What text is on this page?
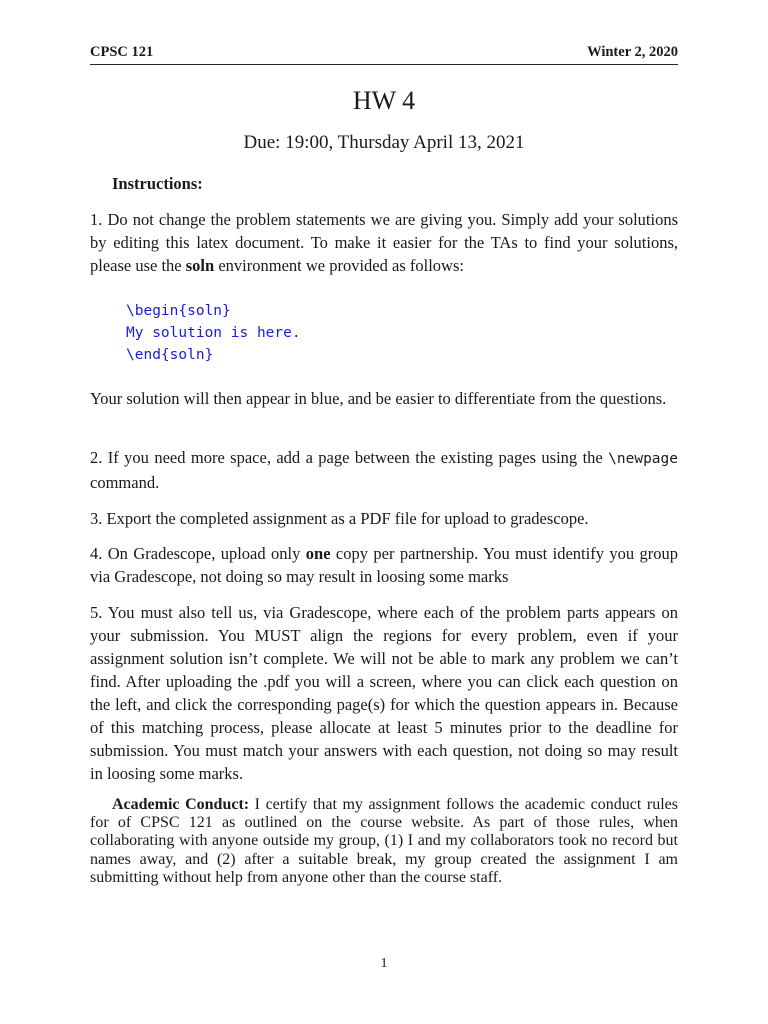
CPSC 121	Winter 2, 2020
HW 4
Due: 19:00, Thursday April 13, 2021
Instructions:
1. Do not change the problem statements we are giving you. Simply add your solutions by editing this latex document. To make it easier for the TAs to find your solutions, please use the soln environment we provided as follows:
\begin{soln}
My solution is here.
\end{soln}
Your solution will then appear in blue, and be easier to differentiate from the questions.
2. If you need more space, add a page between the existing pages using the \newpage command.
3. Export the completed assignment as a PDF file for upload to gradescope.
4. On Gradescope, upload only one copy per partnership. You must identify you group via Gradescope, not doing so may result in loosing some marks
5. You must also tell us, via Gradescope, where each of the problem parts appears on your submission. You MUST align the regions for every problem, even if your assignment solution isn’t complete. We will not be able to mark any problem we can’t find. After uploading the .pdf you will a screen, where you can click each question on the left, and click the corresponding page(s) for which the question appears in. Because of this matching process, please allocate at least 5 minutes prior to the deadline for submission. You must match your answers with each question, not doing so may result in loosing some marks.
Academic Conduct: I certify that my assignment follows the academic conduct rules for of CPSC 121 as outlined on the course website. As part of those rules, when collaborating with anyone outside my group, (1) I and my collaborators took no record but names away, and (2) after a suitable break, my group created the assignment I am submitting without help from anyone other than the course staff.
1
